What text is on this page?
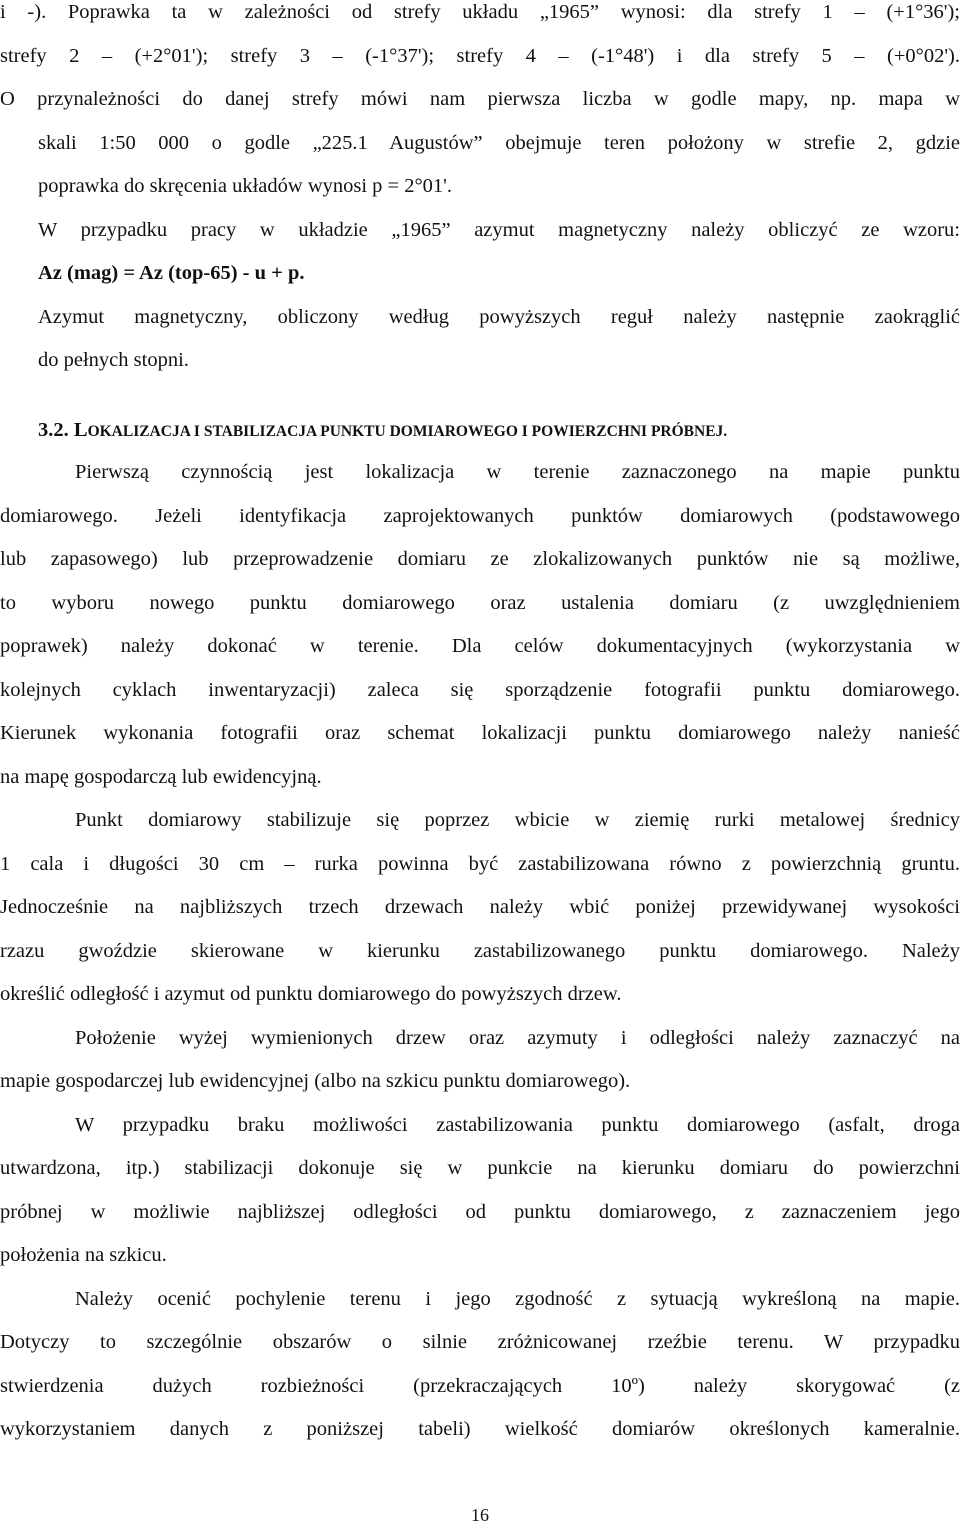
i -). Poprawka ta w zależności od strefy układu „1965” wynosi: dla strefy 1 – (+1°36');
strefy 2 – (+2°01'); strefy 3 – (-1°37'); strefy 4 – (-1°48') i dla strefy 5 – (+0°02').
O przynależności do danej strefy mówi nam pierwsza liczba w godle mapy, np. mapa w
skali 1:50 000 o godle „225.1 Augustów” obejmuje teren położony w strefie 2, gdzie
poprawka do skręcenia układów wynosi p = 2°01'.
W przypadku pracy w układzie „1965” azymut magnetyczny należy obliczyć ze wzoru:
Az (mag) = Az (top-65) - u + p.
Azymut magnetyczny, obliczony według powyższych reguł należy następnie zaokrąglić
do pełnych stopni.
3.2. LOKALIZACJA I STABILIZACJA PUNKTU DOMIAROWEGO I POWIERZCHNI PRÓBNEJ.
Pierwszą czynnością jest lokalizacja w terenie zaznaczonego na mapie punktu
domiarowego. Jeżeli identyfikacja zaprojektowanych punktów domiarowych (podstawowego
lub zapasowego) lub przeprowadzenie domiaru ze zlokalizowanych punktów nie są możliwe,
to wyboru nowego punktu domiarowego oraz ustalenia domiaru (z uwzględnieniem
poprawek) należy dokonać w terenie. Dla celów dokumentacyjnych (wykorzystania w
kolejnych cyklach inwentaryzacji) zaleca się sporządzenie fotografii punktu domiarowego.
Kierunek wykonania fotografii oraz schemat lokalizacji punktu domiarowego należy nanieść
na mapę gospodarczą lub ewidencyjną.
Punkt domiarowy stabilizuje się poprzez wbicie w ziemię rurki metalowej średnicy
1 cala i długości 30 cm – rurka powinna być zastabilizowana równo z powierzchnią gruntu.
Jednocześnie na najbliższych trzech drzewach należy wbić poniżej przewidywanej wysokości
rzazu gwoździe skierowane w kierunku zastabilizowanego punktu domiarowego. Należy
określić odległość i azymut od punktu domiarowego do powyższych drzew.
Położenie wyżej wymienionych drzew oraz azymuty i odległości należy zaznaczyć na
mapie gospodarczej lub ewidencyjnej (albo na szkicu punktu domiarowego).
W przypadku braku możliwości zastabilizowania punktu domiarowego (asfalt, droga
utwardzona, itp.) stabilizacji dokonuje się w punkcie na kierunku domiaru do powierzchni
próbnej w możliwie najbliższej odległości od punktu domiarowego, z zaznaczeniem jego
położenia na szkicu.
Należy ocenić pochylenie terenu i jego zgodność z sytuacją wykreśloną na mapie.
Dotyczy to szczególnie obszarów o silnie zróżnicowanej rzeźbie terenu. W przypadku
stwierdzenia dużych rozbieżności (przekraczających 10º) należy skorygować (z
wykorzystaniem danych z poniższej tabeli) wielkość domiarów określonych kameralnie.
16
